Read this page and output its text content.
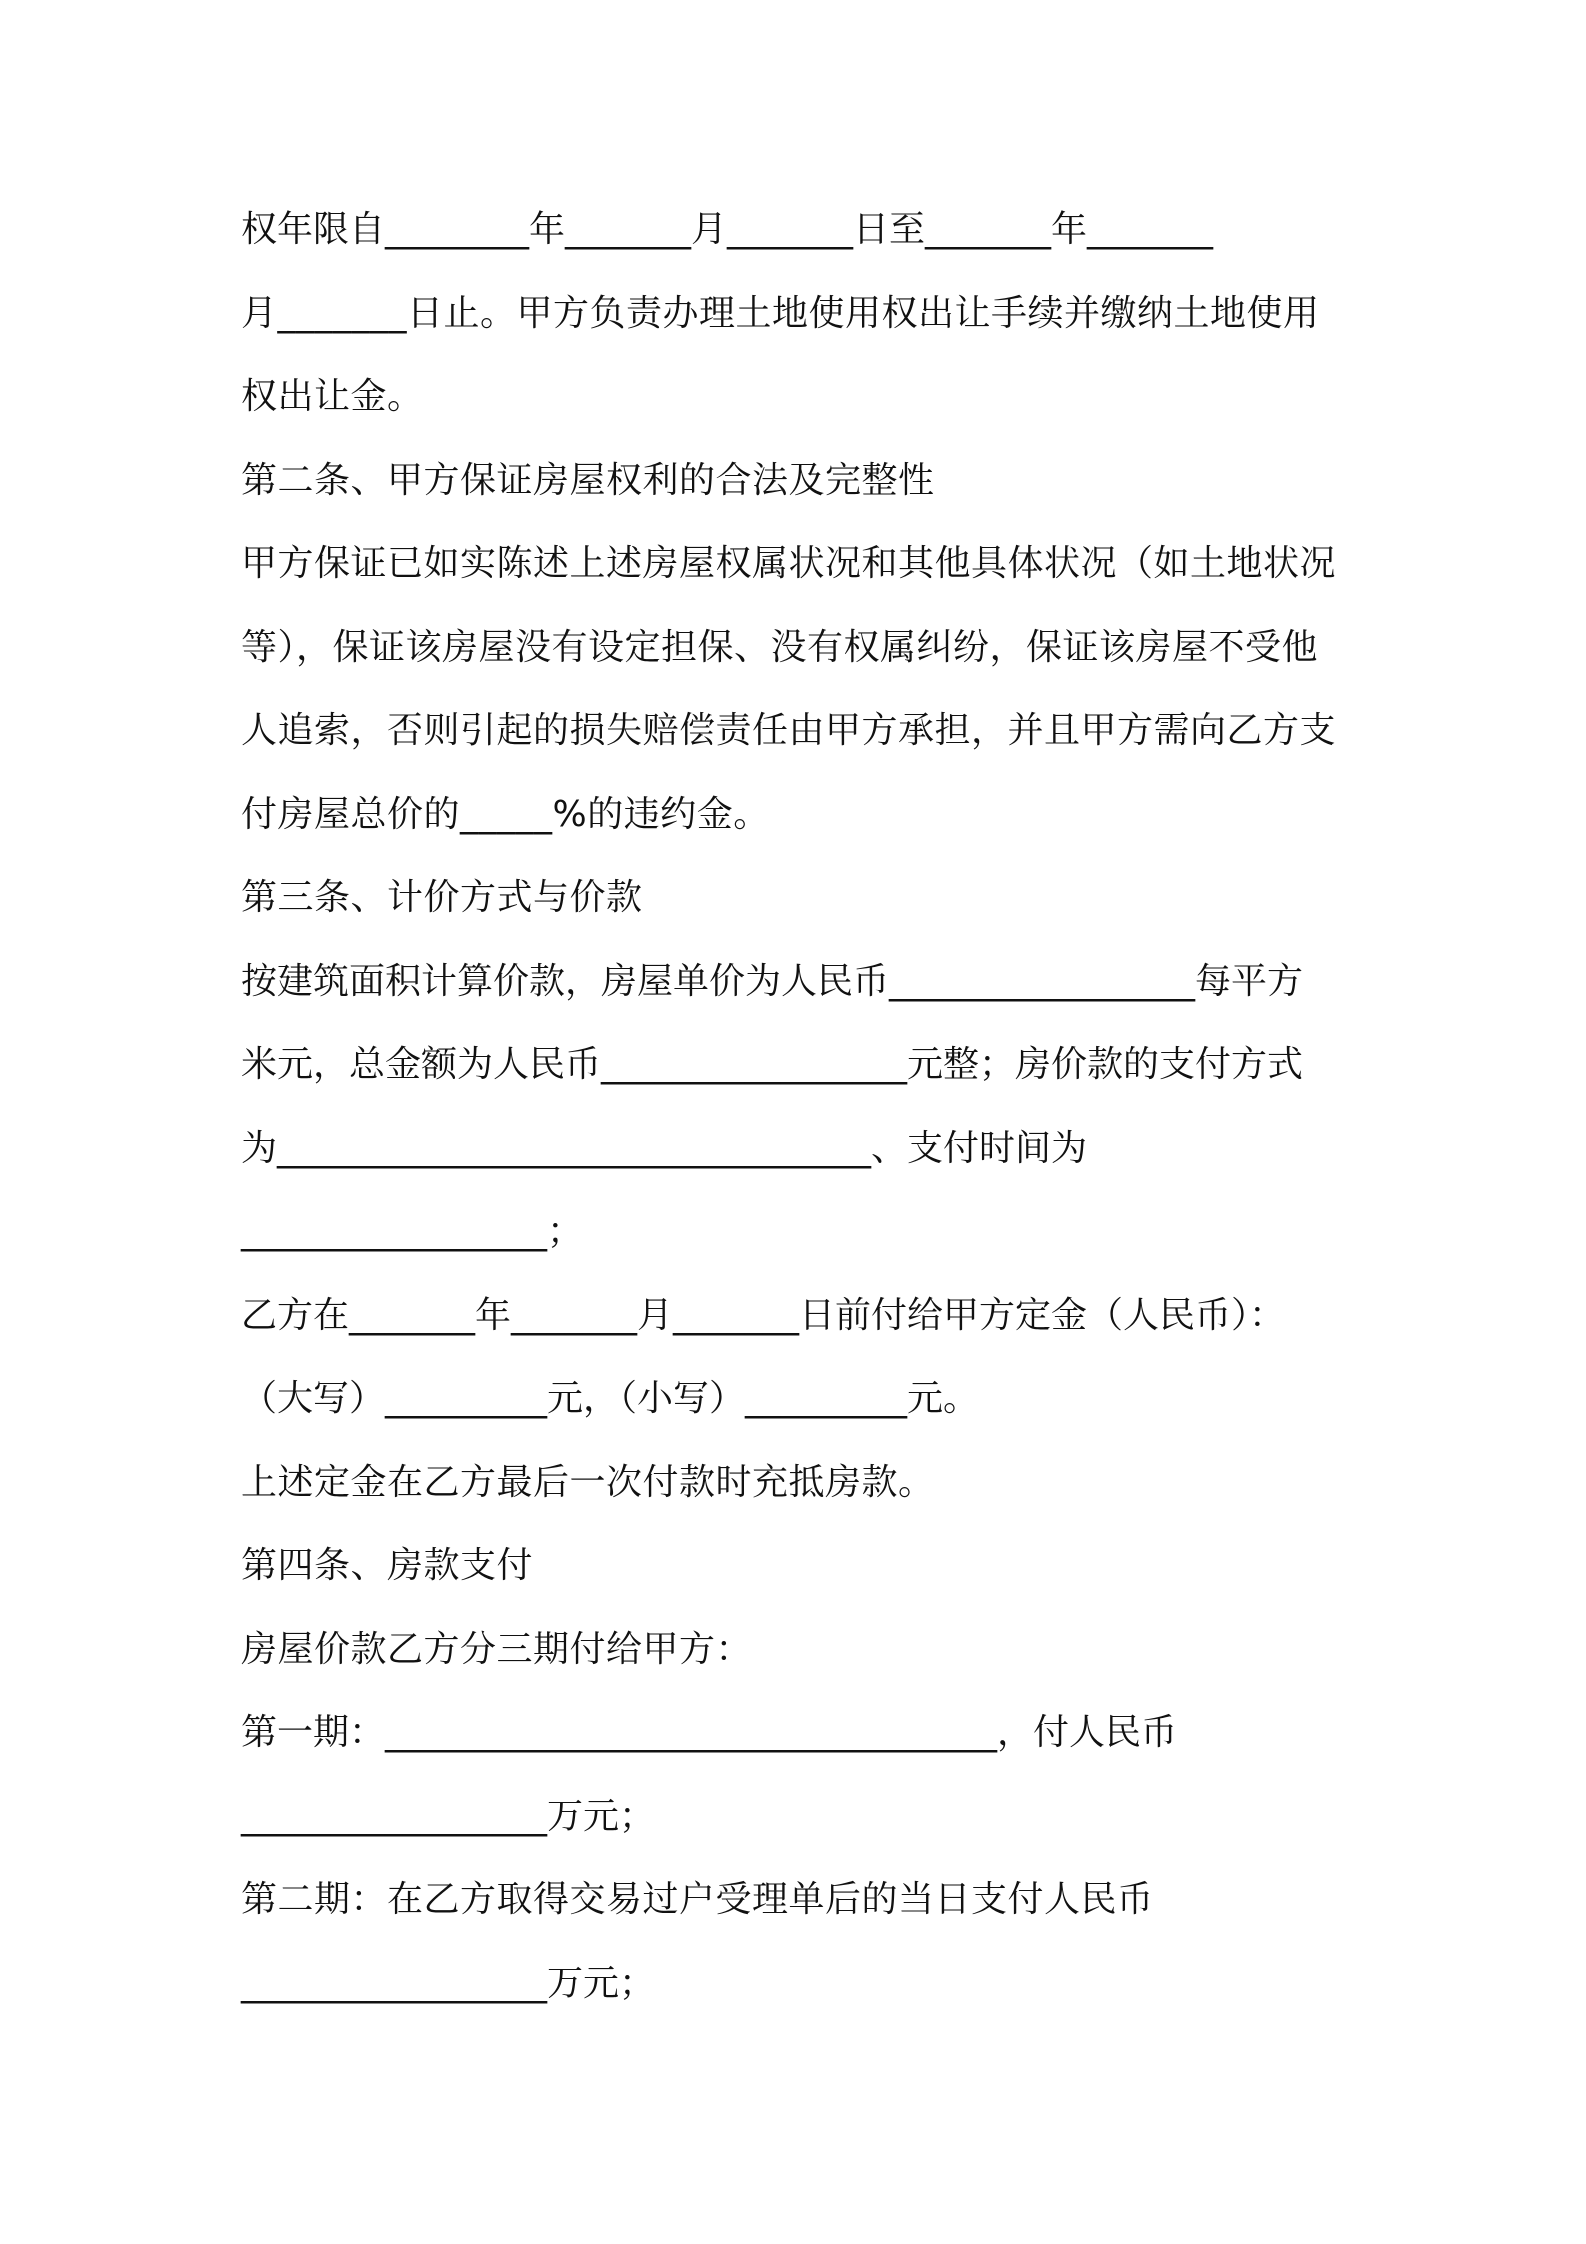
权年限自________年_______月_______日至_______年_______
月_______日止。甲方负责办理土地使用权出让手续并缴纳土地使用
权出让金。
第二条、甲方保证房屋权利的合法及完整性
甲方保证已如实陈述上述房屋权属状况和其他具体状况（如土地状况
等），保证该房屋没有设定担保、没有权属纠纷，保证该房屋不受他
人追索，否则引起的损失赔偿责任由甲方承担，并且甲方需向乙方支
付房屋总价的_____%的违约金。
第三条、计价方式与价款
按建筑面积计算价款，房屋单价为人民币_________________每平方
米元，总金额为人民币_________________元整；房价款的支付方式
为_________________________________、支付时间为
_________________；
乙方在_______年_______月_______日前付给甲方定金（人民币）：
（大写）_________元，（小写）_________元。
上述定金在乙方最后一次付款时充抵房款。
第四条、房款支付
房屋价款乙方分三期付给甲方：
第一期：__________________________________，付人民币
_________________万元；
第二期：在乙方取得交易过户受理单后的当日支付人民币
_________________万元；
